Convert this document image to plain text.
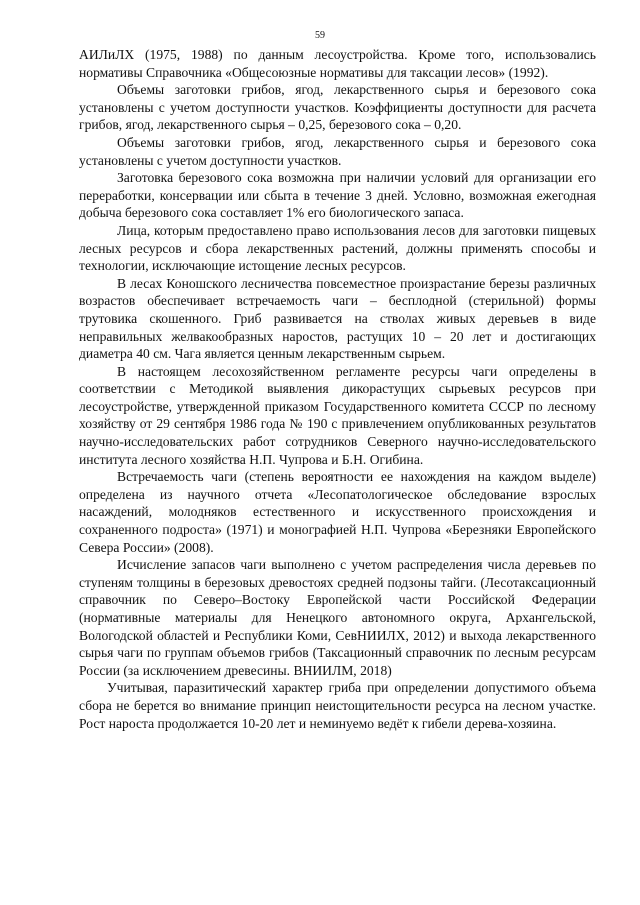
59

АИЛиЛХ (1975, 1988) по данным лесоустройства. Кроме того, использовались нормативы Справочника «Общесоюзные нормативы для таксации лесов» (1992).

Объемы заготовки грибов, ягод, лекарственного сырья и березового сока установлены с учетом доступности участков. Коэффициенты доступности для расчета грибов, ягод, лекарственного сырья – 0,25, березового сока – 0,20.

Объемы заготовки грибов, ягод, лекарственного сырья и березового сока установлены с учетом доступности участков.

Заготовка березового сока возможна при наличии условий для организации его переработки, консервации или сбыта в течение 3 дней. Условно, возможная ежегодная добыча березового сока составляет 1% его биологического запаса.

Лица, которым предоставлено право использования лесов для заготовки пищевых лесных ресурсов и сбора лекарственных растений, должны применять способы и технологии, исключающие истощение лесных ресурсов.

В лесах Коношского лесничества повсеместное произрастание березы различных возрастов обеспечивает встречаемость чаги – бесплодной (стерильной) формы трутовика скошенного. Гриб развивается на стволах живых деревьев в виде неправильных желвакообразных наростов, растущих 10 – 20 лет и достигающих диаметра 40 см. Чага является ценным лекарственным сырьем.

В настоящем лесохозяйственном регламенте ресурсы чаги определены в соответствии с Методикой выявления дикорастущих сырьевых ресурсов при лесоустройстве, утвержденной приказом Государственного комитета СССР по лесному хозяйству от 29 сентября 1986 года № 190 с привлечением опубликованных результатов научно-исследовательских работ сотрудников Северного научно-исследовательского института лесного хозяйства Н.П. Чупрова и Б.Н. Огибина.

Встречаемость чаги (степень вероятности ее нахождения на каждом выделе) определена из научного отчета «Лесопатологическое обследование взрослых насаждений, молодняков естественного и искусственного происхождения и сохраненного подроста» (1971) и монографией Н.П. Чупрова «Березняки Европейского Севера России» (2008).

Исчисление запасов чаги выполнено с учетом распределения числа деревьев по ступеням толщины в березовых древостоях средней подзоны тайги. (Лесотаксационный справочник по Северо–Востоку Европейской части Российской Федерации (нормативные материалы для Ненецкого автономного округа, Архангельской, Вологодской областей и Республики Коми, СевНИИЛХ, 2012) и выхода лекарственного сырья чаги по группам объемов грибов (Таксационный справочник по лесным ресурсам России (за исключением древесины. ВНИИЛМ, 2018)

Учитывая, паразитический характер гриба при определении допустимого объема сбора не берется во внимание принцип неистощительности ресурса на лесном участке. Рост нароста продолжается 10-20 лет и неминуемо ведёт к гибели дерева-хозяина.
